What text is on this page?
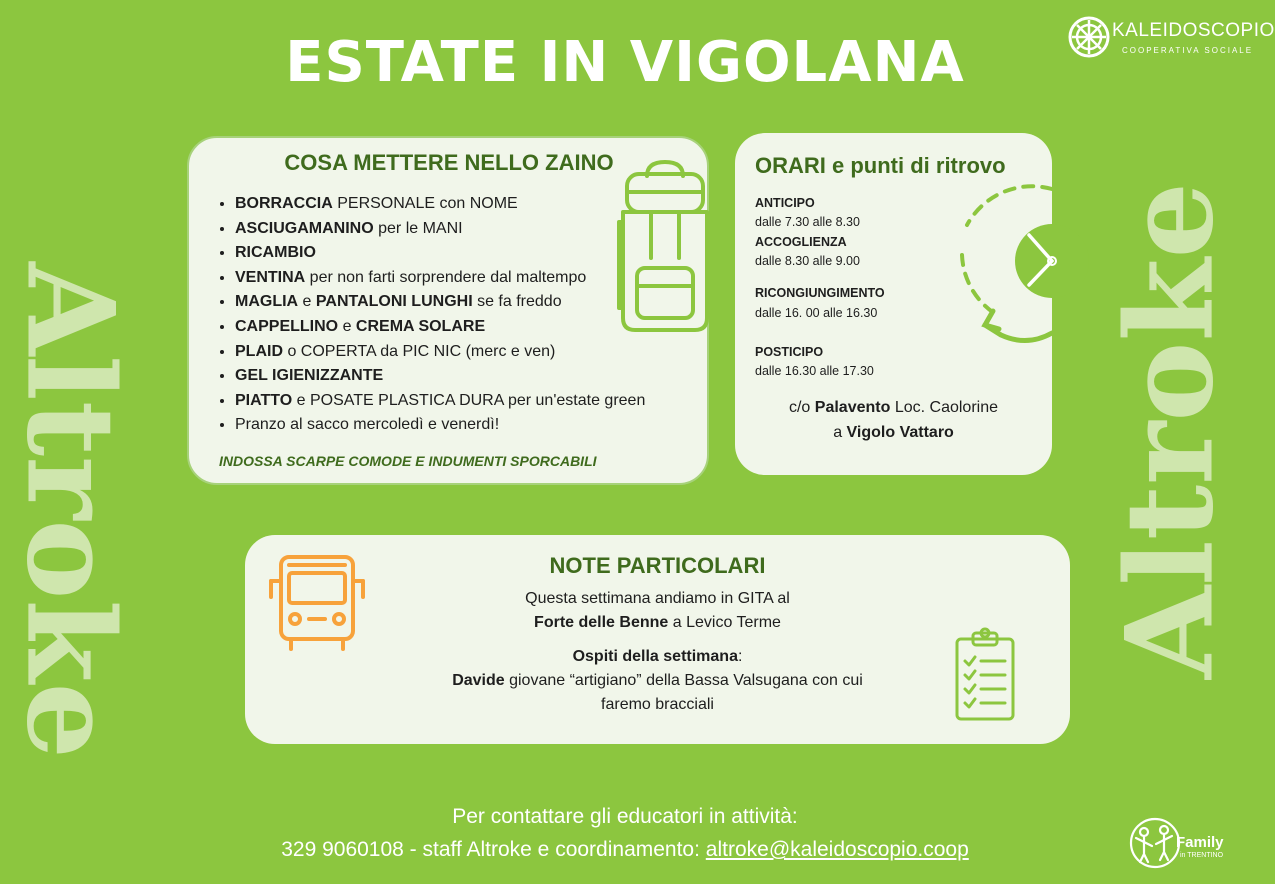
ESTATE IN VIGOLANA
Altroke	Altroke
KALEIDOSCOPIO
COOPERATIVA SOCIALE
COSA METTERE NELLO ZAINO
• BORRACCIA PERSONALE con NOME
• ASCIUGAMANINO per le MANI
• RICAMBIO
• VENTINA per non farti sorprendere dal maltempo
• MAGLIA e PANTALONI LUNGHI se fa freddo
• CAPPELLINO e CREMA SOLARE
• PLAID o COPERTA da PIC NIC (merc e ven)
• GEL IGIENIZZANTE
• PIATTO e POSATE PLASTICA DURA per un'estate green
• Pranzo al sacco mercoledì e venerdì!
INDOSSA SCARPE COMODE E INDUMENTI SPORCABILI
ORARI e punti di ritrovo
ANTICIPO
dalle 7.30 alle 8.30
ACCOGLIENZA
dalle 8.30 alle 9.00
RICONGIUNGIMENTO
dalle 16. 00 alle 16.30
POSTICIPO
dalle 16.30 alle 17.30
c/o Palavento Loc. Caolorine
a Vigolo Vattaro
NOTE PARTICOLARI
Questa settimana andiamo in GITA al
Forte delle Benne a Levico Terme
Ospiti della settimana:
Davide giovane “artigiano” della Bassa Valsugana con cui
faremo bracciali
Per contattare gli educatori in attività:
329 9060108 - staff Altroke e coordinamento: altroke@kaleidoscopio.coop	Family
in TRENTINO
